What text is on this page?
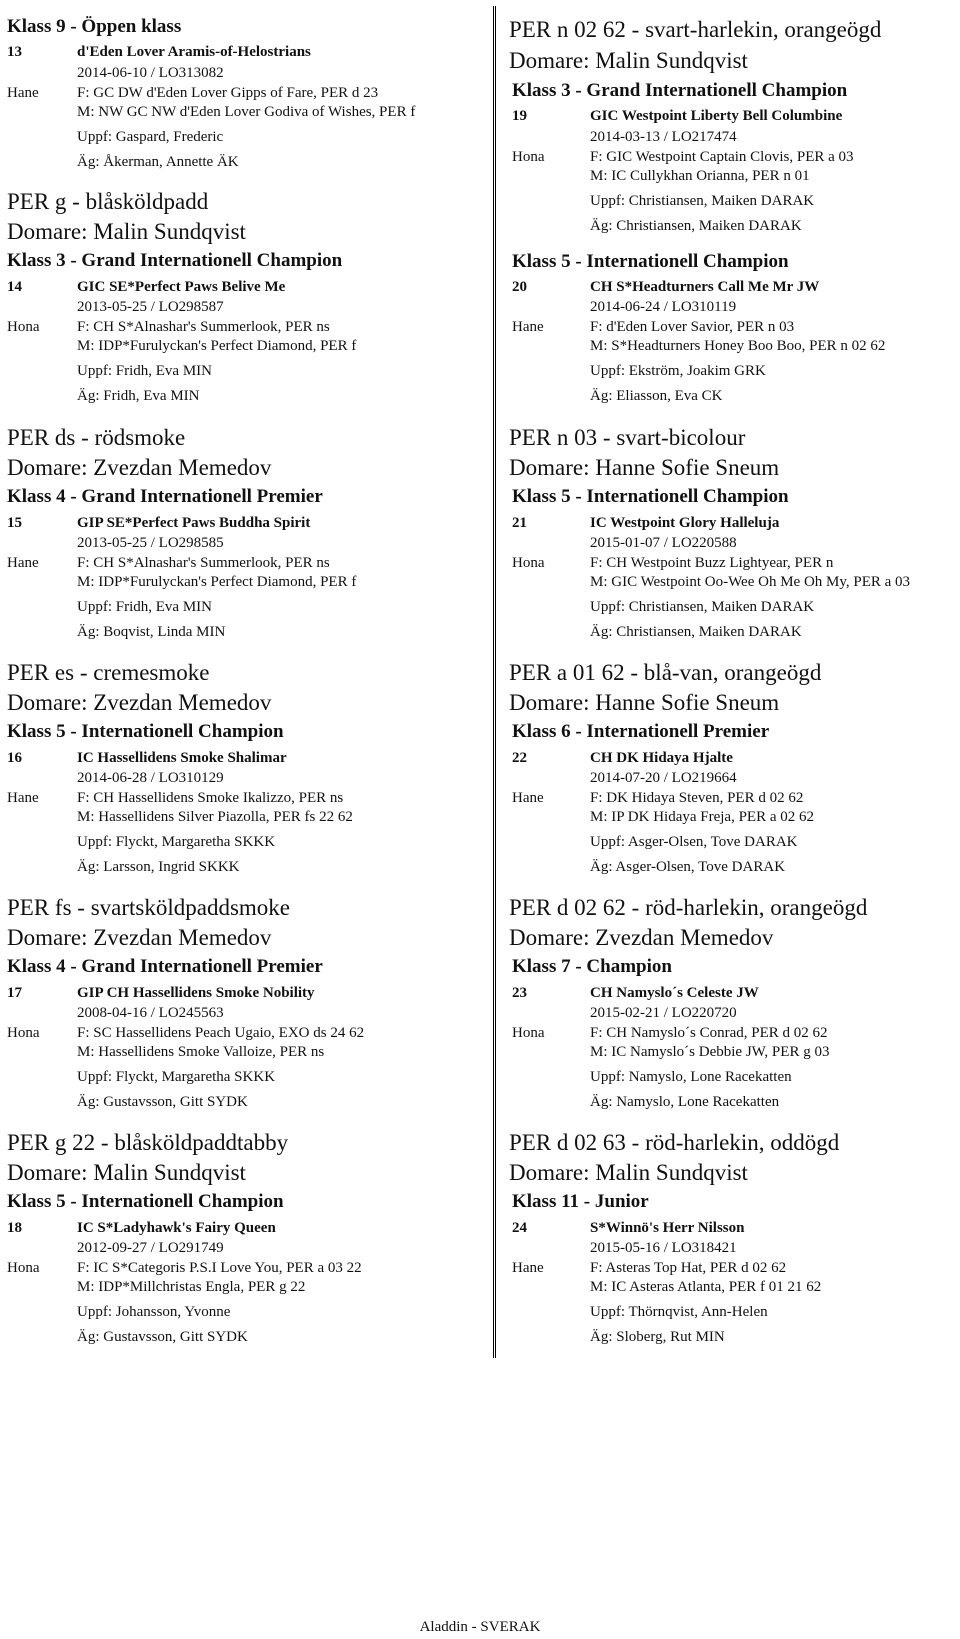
Klass 9 - Öppen klass
13	d'Eden Lover Aramis-of-Helostrians
2014-06-10 / LO313082
Hane	F: GC DW d'Eden Lover Gipps of Fare, PER d 23
M: NW GC NW d'Eden Lover Godiva of Wishes, PER f
Uppf: Gaspard, Frederic
Äg: Åkerman, Annette ÄK
PER g - blåsköldpadd
Domare: Malin Sundqvist
Klass 3 - Grand Internationell Champion
14	GIC SE*Perfect Paws Belive Me
2013-05-25 / LO298587
Hona	F: CH S*Alnashar's Summerlook, PER ns
M: IDP*Furulyckan's Perfect Diamond, PER f
Uppf: Fridh, Eva MIN
Äg: Fridh, Eva MIN
PER ds - rödsmoke
Domare: Zvezdan Memedov
Klass 4 - Grand Internationell Premier
15	GIP SE*Perfect Paws Buddha Spirit
2013-05-25 / LO298585
Hane	F: CH S*Alnashar's Summerlook, PER ns
M: IDP*Furulyckan's Perfect Diamond, PER f
Uppf: Fridh, Eva MIN
Äg: Boqvist, Linda MIN
PER es - cremesmoke
Domare: Zvezdan Memedov
Klass 5 - Internationell Champion
16	IC Hassellidens Smoke Shalimar
2014-06-28 / LO310129
Hane	F: CH Hassellidens Smoke Ikalizzo, PER ns
M: Hassellidens Silver Piazolla, PER fs 22 62
Uppf: Flyckt, Margaretha SKKK
Äg: Larsson, Ingrid SKKK
PER fs - svartsköldpaddsmoke
Domare: Zvezdan Memedov
Klass 4 - Grand Internationell Premier
17	GIP CH Hassellidens Smoke Nobility
2008-04-16 / LO245563
Hona	F: SC Hassellidens Peach Ugaio, EXO ds 24 62
M: Hassellidens Smoke Valloize, PER ns
Uppf: Flyckt, Margaretha SKKK
Äg: Gustavsson, Gitt SYDK
PER g 22 - blåsköldpaddtabby
Domare: Malin Sundqvist
Klass 5 - Internationell Champion
18	IC S*Ladyhawk's Fairy Queen
2012-09-27 / LO291749
Hona	F: IC S*Categoris P.S.I Love You, PER a 03 22
M: IDP*Millchristas Engla, PER g 22
Uppf: Johansson, Yvonne
Äg: Gustavsson, Gitt SYDK
PER n 02 62 - svart-harlekin, orangeögd
Domare: Malin Sundqvist
Klass 3 - Grand Internationell Champion
19	GIC Westpoint Liberty Bell Columbine
2014-03-13 / LO217474
Hona	F: GIC Westpoint Captain Clovis, PER a 03
M: IC Cullykhan Orianna, PER n 01
Uppf: Christiansen, Maiken DARAK
Äg: Christiansen, Maiken DARAK
Klass 5 - Internationell Champion
20	CH S*Headturners Call Me Mr JW
2014-06-24 / LO310119
Hane	F: d'Eden Lover Savior, PER n 03
M: S*Headturners Honey Boo Boo, PER n 02 62
Uppf: Ekström, Joakim GRK
Äg: Eliasson, Eva CK
PER n 03 - svart-bicolour
Domare: Hanne Sofie Sneum
Klass 5 - Internationell Champion
21	IC Westpoint Glory Halleluja
2015-01-07 / LO220588
Hona	F: CH Westpoint Buzz Lightyear, PER n
M: GIC Westpoint Oo-Wee Oh Me Oh My, PER a 03
Uppf: Christiansen, Maiken DARAK
Äg: Christiansen, Maiken DARAK
PER a 01 62 - blå-van, orangeögd
Domare: Hanne Sofie Sneum
Klass 6 - Internationell Premier
22	CH DK Hidaya Hjalte
2014-07-20 / LO219664
Hane	F: DK Hidaya Steven, PER d 02 62
M: IP DK Hidaya Freja, PER a 02 62
Uppf: Asger-Olsen, Tove DARAK
Äg: Asger-Olsen, Tove DARAK
PER d 02 62 - röd-harlekin, orangeögd
Domare: Zvezdan Memedov
Klass 7 - Champion
23	CH Namyslo´s Celeste JW
2015-02-21 / LO220720
Hona	F: CH Namyslo´s Conrad, PER d 02 62
M: IC Namyslo´s Debbie JW, PER g 03
Uppf: Namyslo, Lone Racekatten
Äg: Namyslo, Lone Racekatten
PER d 02 63 - röd-harlekin, oddögd
Domare: Malin Sundqvist
Klass 11 - Junior
24	S*Winnö's Herr Nilsson
2015-05-16 / LO318421
Hane	F: Asteras Top Hat, PER d 02 62
M: IC Asteras Atlanta, PER f 01 21 62
Uppf: Thörnqvist, Ann-Helen
Äg: Sloberg, Rut MIN
Aladdin - SVERAK
